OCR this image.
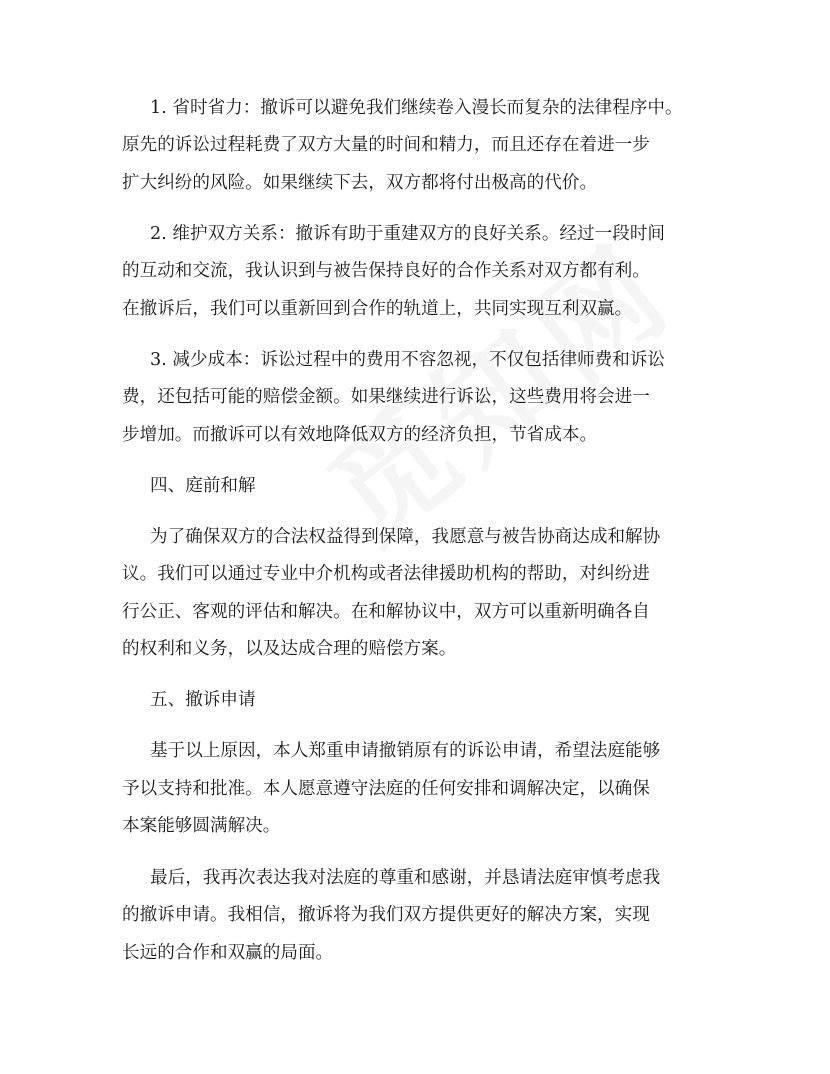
1. 省时省力：撤诉可以避免我们继续卷入漫长而复杂的法律程序中。
原先的诉讼过程耗费了双方大量的时间和精力，而且还存在着进一步
扩大纠纷的风险。如果继续下去，双方都将付出极高的代价。
2. 维护双方关系：撤诉有助于重建双方的良好关系。经过一段时间
的互动和交流，我认识到与被告保持良好的合作关系对双方都有利。
在撤诉后，我们可以重新回到合作的轨道上，共同实现互利双赢。
3. 减少成本：诉讼过程中的费用不容忽视，不仅包括律师费和诉讼
费，还包括可能的赔偿金额。如果继续进行诉讼，这些费用将会进一
步增加。而撤诉可以有效地降低双方的经济负担，节省成本。
四、庭前和解
为了确保双方的合法权益得到保障，我愿意与被告协商达成和解协
议。我们可以通过专业中介机构或者法律援助机构的帮助，对纠纷进
行公正、客观的评估和解决。在和解协议中，双方可以重新明确各自
的权利和义务，以及达成合理的赔偿方案。
五、撤诉申请
基于以上原因，本人郑重申请撤销原有的诉讼申请，希望法庭能够
予以支持和批准。本人愿意遵守法庭的任何安排和调解决定，以确保
本案能够圆满解决。
最后，我再次表达我对法庭的尊重和感谢，并恳请法庭审慎考虑我
的撤诉申请。我相信，撤诉将为我们双方提供更好的解决方案，实现
长远的合作和双赢的局面。
